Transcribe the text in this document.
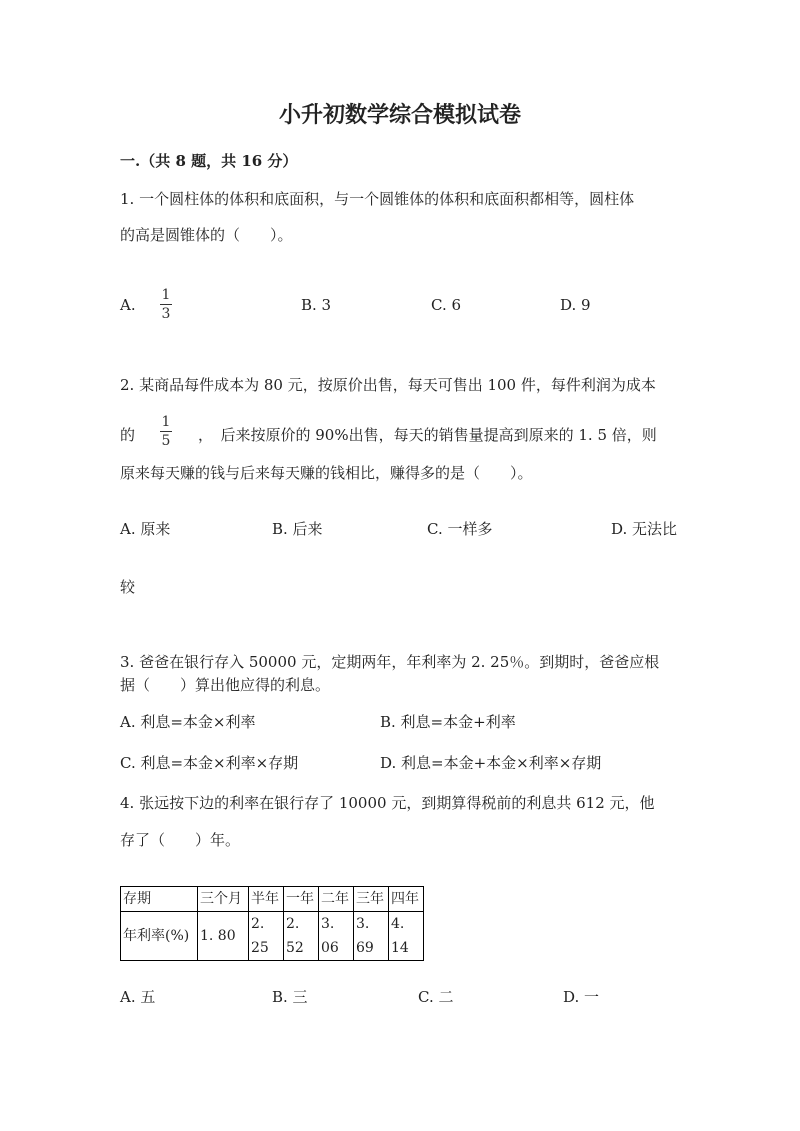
小升初数学综合模拟试卷
一.（共 8 题，共 16 分）
1. 一个圆柱体的体积和底面积，与一个圆锥体的体积和底面积都相等，圆柱体
的高是圆锥体的（　　）。
A.
1
3	B. 3	C. 6	D. 9
2. 某商品每件成本为 80 元，按原价出售，每天可售出 100 件，每件利润为成本
的
1
5 ，　后来按原价的 90%出售，每天的销售量提高到原来的 1. 5 倍，则
原来每天赚的钱与后来每天赚的钱相比，赚得多的是（　　）。
A. 原来	B. 后来	C. 一样多	D. 无法比
较
3. 爸爸在银行存入 50000 元，定期两年，年利率为 2. 25％。到期时，爸爸应根
据（　　）算出他应得的利息。
A. 利息=本金×利率	B. 利息=本金+利率
C. 利息=本金×利率×存期	D. 利息=本金+本金×利率×存期
4. 张远按下边的利率在银行存了 10000 元，到期算得税前的利息共 612 元，他
存了（　　）年。
存期	三个月	半年	一年	二年	三年	四年
年利率(%)	1. 80	2. 25	2. 52	3. 06	3. 69	4. 14
A. 五	B. 三	C. 二	D. 一
